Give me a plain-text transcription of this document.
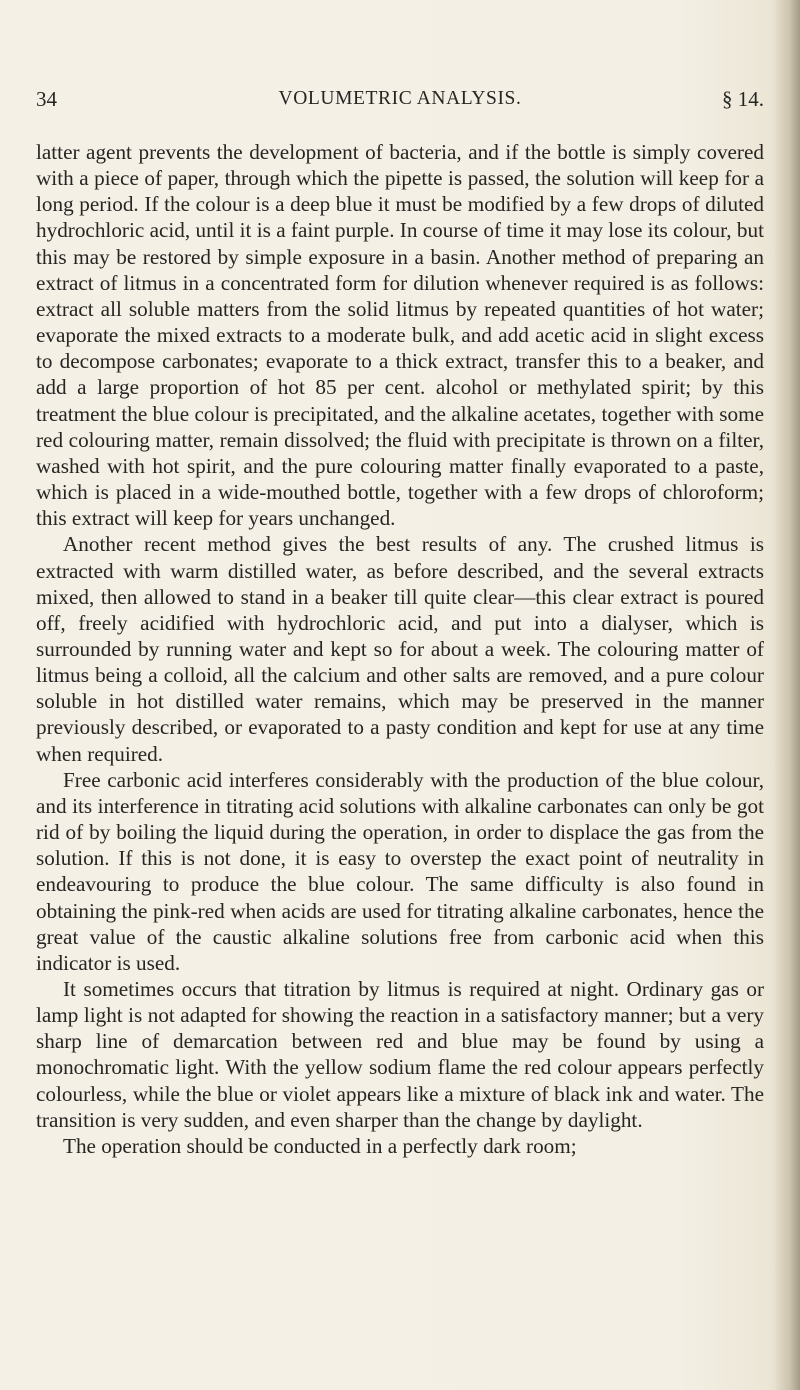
34	VOLUMETRIC ANALYSIS.	§ 14.

latter agent prevents the development of bacteria, and if the bottle is simply covered with a piece of paper, through which the pipette is passed, the solution will keep for a long period. If the colour is a deep blue it must be modified by a few drops of diluted hydrochloric acid, until it is a faint purple. In course of time it may lose its colour, but this may be restored by simple exposure in a basin. Another method of preparing an extract of litmus in a concentrated form for dilution whenever required is as follows: extract all soluble matters from the solid litmus by repeated quantities of hot water; evaporate the mixed extracts to a moderate bulk, and add acetic acid in slight excess to decompose carbonates; evaporate to a thick extract, transfer this to a beaker, and add a large proportion of hot 85 per cent. alcohol or methylated spirit; by this treatment the blue colour is precipitated, and the alkaline acetates, together with some red colouring matter, remain dissolved; the fluid with precipitate is thrown on a filter, washed with hot spirit, and the pure colouring matter finally evaporated to a paste, which is placed in a wide-mouthed bottle, together with a few drops of chloroform; this extract will keep for years unchanged.

Another recent method gives the best results of any. The crushed litmus is extracted with warm distilled water, as before described, and the several extracts mixed, then allowed to stand in a beaker till quite clear—this clear extract is poured off, freely acidified with hydrochloric acid, and put into a dialyser, which is surrounded by running water and kept so for about a week. The colouring matter of litmus being a colloid, all the calcium and other salts are removed, and a pure colour soluble in hot distilled water remains, which may be preserved in the manner previously described, or evaporated to a pasty condition and kept for use at any time when required.

Free carbonic acid interferes considerably with the production of the blue colour, and its interference in titrating acid solutions with alkaline carbonates can only be got rid of by boiling the liquid during the operation, in order to displace the gas from the solution. If this is not done, it is easy to overstep the exact point of neutrality in endeavouring to produce the blue colour. The same difficulty is also found in obtaining the pink-red when acids are used for titrating alkaline carbonates, hence the great value of the caustic alkaline solutions free from carbonic acid when this indicator is used.

It sometimes occurs that titration by litmus is required at night. Ordinary gas or lamp light is not adapted for showing the reaction in a satisfactory manner; but a very sharp line of demarcation between red and blue may be found by using a monochromatic light. With the yellow sodium flame the red colour appears perfectly colourless, while the blue or violet appears like a mixture of black ink and water. The transition is very sudden, and even sharper than the change by daylight.

The operation should be conducted in a perfectly dark room;
